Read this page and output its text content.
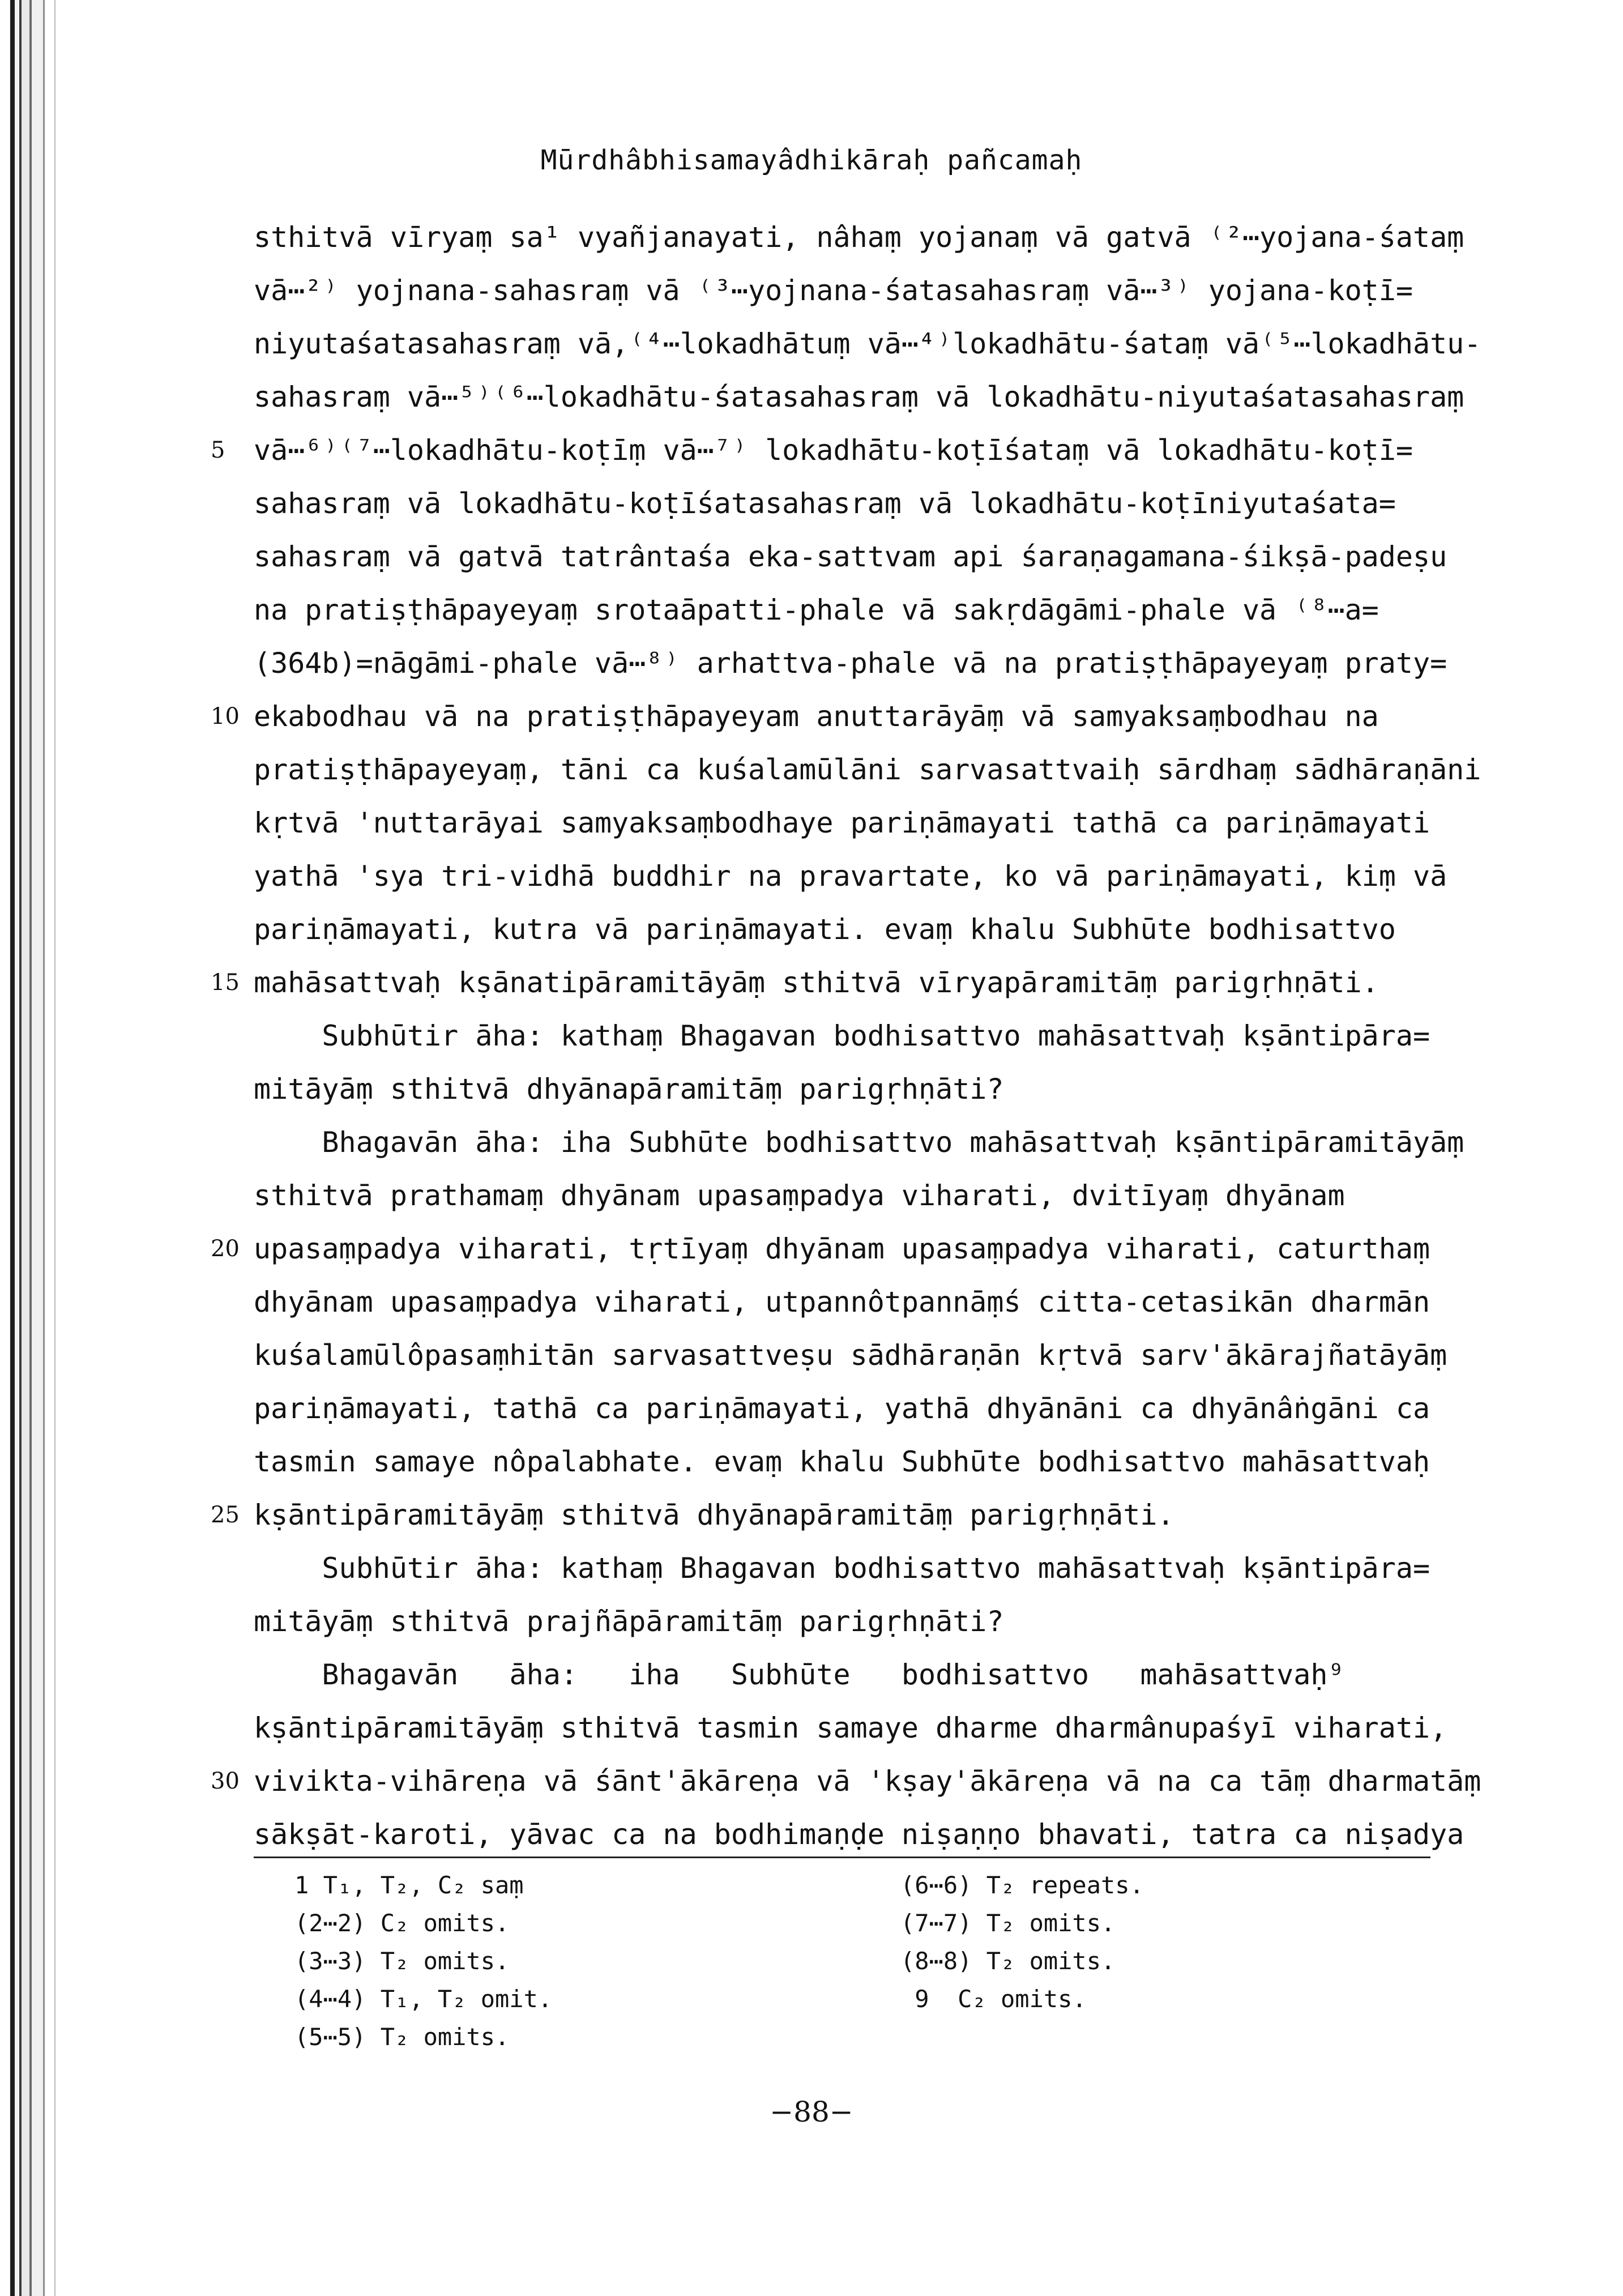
Mūrdhâbhisamayâdhikāraḥ pañcamaḥ
sthitvā vīryaṃ sa¹ vyañjanayati, nâhaṃ yojanaṃ vā gatvā ⁽²⋯yojana-śataṃ
vā⋯²⁾ yojnana-sahasraṃ vā ⁽³⋯yojnana-śatasahasraṃ vā⋯³⁾ yojana-koṭī=
niyutaśatasahasraṃ vā,⁽⁴⋯lokadhātuṃ vā⋯⁴⁾lokadhātu-śataṃ vā⁽⁵⋯lokadhātu-
sahasraṃ vā⋯⁵⁾⁽⁶⋯lokadhātu-śatasahasraṃ vā lokadhātu-niyutaśatasahasraṃ
5	vā⋯⁶⁾⁽⁷⋯lokadhātu-koṭīṃ vā⋯⁷⁾ lokadhātu-koṭīśataṃ vā lokadhātu-koṭī=
sahasraṃ vā lokadhātu-koṭīśatasahasraṃ vā lokadhātu-koṭīniyutaśata=
sahasraṃ vā gatvā tatrântaśa eka-sattvam api śaraṇagamana-śikṣā-padeṣu
na pratiṣṭhāpayeyaṃ srotaāpatti-phale vā sakṛdāgāmi-phale vā ⁽⁸⋯a=
(364b)=nāgāmi-phale vā⋯⁸⁾ arhattva-phale vā na pratiṣṭhāpayeyaṃ praty=
10 ekabodhau vā na pratiṣṭhāpayeyam anuttarāyāṃ vā samyaksaṃbodhau na
pratiṣṭhāpayeyaṃ, tāni ca kuśalamūlāni sarvasattvaiḥ sārdhaṃ sādhāraṇāni
kṛtvā 'nuttarāyai samyaksaṃbodhaye pariṇāmayati tathā ca pariṇāmayati
yathā 'sya tri-vidhā buddhir na pravartate, ko vā pariṇāmayati, kiṃ vā
pariṇāmayati, kutra vā pariṇāmayati. evaṃ khalu Subhūte bodhisattvo
15 mahāsattvaḥ kṣānatipāramitāyāṃ sthitvā vīryapāramitāṃ parigṛhṇāti.
Subhūtir āha: kathaṃ Bhagavan bodhisattvo mahāsattvaḥ kṣāntipāra=
mitāyāṃ sthitvā dhyānapāramitāṃ parigṛhṇāti?
Bhagavān āha: iha Subhūte bodhisattvo mahāsattvaḥ kṣāntipāramitāyāṃ
sthitvā prathamaṃ dhyānam upasaṃpadya viharati, dvitīyaṃ dhyānam
20 upasaṃpadya viharati, tṛtīyaṃ dhyānam upasaṃpadya viharati, caturthaṃ
dhyānam upasaṃpadya viharati, utpannôtpannāṃś citta-cetasikān dharmān
kuśalamūlôpasaṃhitān sarvasattveṣu sādhāraṇān kṛtvā sarv'ākārajñatāyāṃ
pariṇāmayati, tathā ca pariṇāmayati, yathā dhyānāni ca dhyānâṅgāni ca
tasmin samaye nôpalabhate. evaṃ khalu Subhūte bodhisattvo mahāsattvaḥ
25 kṣāntipāramitāyāṃ sthitvā dhyānapāramitāṃ parigṛhṇāti.
Subhūtir āha: kathaṃ Bhagavan bodhisattvo mahāsattvaḥ kṣāntipāra=
mitāyāṃ sthitvā prajñāpāramitāṃ parigṛhṇāti?
Bhagavān   āha:   iha   Subhūte   bodhisattvo   mahāsattvaḥ⁹
kṣāntipāramitāyāṃ sthitvā tasmin samaye dharme dharmânupaśyī viharati,
30 vivikta-vihāreṇa vā śānt'ākāreṇa vā 'kṣay'ākāreṇa vā na ca tāṃ dharmatāṃ
sākṣāt-karoti, yāvac ca na bodhimaṇḍe niṣaṇṇo bhavati, tatra ca niṣadya
1 T₁, T₂, C₂ saṃ
(2⋯2) C₂ omits.
(3⋯3) T₂ omits.
(4⋯4) T₁, T₂ omit.
(5⋯5) T₂ omits.
(6⋯6) T₂ repeats.
(7⋯7) T₂ omits.
(8⋯8) T₂ omits.
9  C₂ omits.
−88−
